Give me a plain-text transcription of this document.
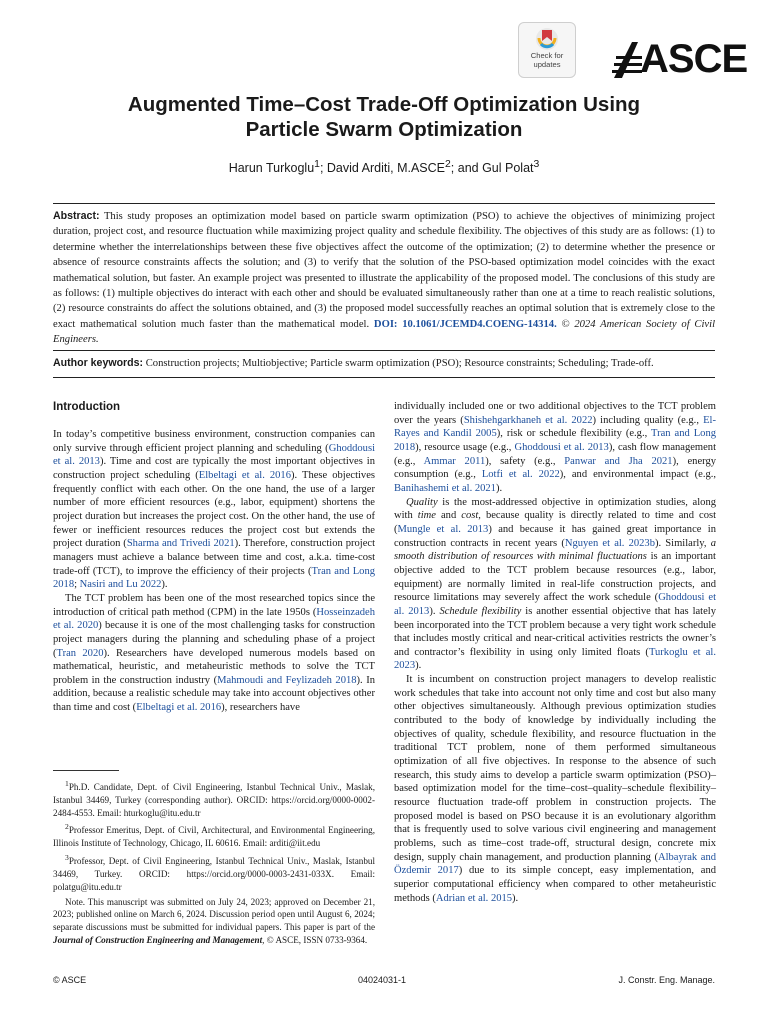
Check for
updates	ASCE
Augmented Time–Cost Trade-Off Optimization Using
Particle Swarm Optimization
Harun Turkoglu$^1$; David Arditi, M.ASCE$^2$; and Gul Polat$^3$

Abstract: This study proposes an optimization model based on particle swarm optimization (PSO) to achieve the objectives of minimizing project duration, project cost, and resource fluctuation while maximizing project quality and schedule flexibility. The objectives of this study are as follows: (1) to determine whether the interrelationships between these five objectives affect the outcome of the optimization; (2) to determine whether the presence or absence of resource constraints affects the solution; and (3) to verify that the solution of the PSO-based optimization model coincides with the exact mathematical solution, but faster. An example project was presented to illustrate the applicability of the proposed model. The conclusions of this study are as follows: (1) multiple objectives do interact with each other and should be evaluated simultaneously rather than one at a time to reach realistic solutions, (2) resource constraints do affect the solutions obtained, and (3) the proposed model successfully reaches an optimal solution that is extremely close to the exact mathematical solution much faster than the mathematical model. DOI: 10.1061/JCEMD4.COENG-14314. © 2024 American Society of Civil Engineers.

Author keywords: Construction projects; Multiobjective; Particle swarm optimization (PSO); Resource constraints; Scheduling; Trade-off.

Introduction

In today’s competitive business environment, construction companies can only survive through efficient project planning and scheduling (Ghoddousi et al. 2013). Time and cost are typically the most important objectives in construction project scheduling (Elbeltagi et al. 2016). These objectives frequently conflict with each other. On the one hand, the use of a larger number of more efficient resources (e.g., labor, equipment) shortens the project duration but increases the project cost. On the other hand, the use of fewer or inefficient resources reduces the project cost but extends the project duration (Sharma and Trivedi 2021). Therefore, construction project managers must achieve a balance between time and cost, a.k.a. time-cost trade-off (TCT), to improve the efficiency of their projects (Tran and Long 2018; Nasiri and Lu 2022).

The TCT problem has been one of the most researched topics since the introduction of critical path method (CPM) in the late 1950s (Hosseinzadeh et al. 2020) because it is one of the most challenging tasks for construction project managers during the planning and scheduling phase of a project (Tran 2020). Researchers have developed numerous models based on mathematical, heuristic, and metaheuristic methods to solve the TCT problem in the construction industry (Mahmoudi and Feylizadeh 2018). In addition, because a realistic schedule may take into account objectives other than time and cost (Elbeltagi et al. 2016), researchers have

individually included one or two additional objectives to the TCT problem over the years (Shishehgarkhaneh et al. 2022) including quality (e.g., El-Rayes and Kandil 2005), risk or schedule flexibility (e.g., Tran and Long 2018), resource usage (e.g., Ghoddousi et al. 2013), cash flow management (e.g., Ammar 2011), safety (e.g., Panwar and Jha 2021), energy consumption (e.g., Lotfi et al. 2022), and environmental impact (e.g., Banihashemi et al. 2021).

Quality is the most-addressed objective in optimization studies, along with time and cost, because quality is directly related to time and cost (Mungle et al. 2013) and because it has gained great importance in construction contracts in recent years (Nguyen et al. 2023b). Similarly, a smooth distribution of resources with minimal fluctuations is an important objective added to the TCT problem because resources (e.g., labor, equipment) are normally limited in real-life construction projects, and resource limitations may severely affect the work schedule (Ghoddousi et al. 2013). Schedule flexibility is another essential objective that has lately been incorporated into the TCT problem because a very tight work schedule that includes mostly critical and near-critical activities restricts the owner’s and contractor’s flexibility in using only limited floats (Turkoglu et al. 2023).

It is incumbent on construction project managers to develop realistic work schedules that take into account not only time and cost but also many other objectives simultaneously. Although previous optimization studies contributed to the body of knowledge by individually including the objectives of quality, schedule flexibility, and resource fluctuation in the traditional TCT problem, none of them performed simultaneous optimization of all five objectives. In response to the absence of such research, this study aims to develop a particle swarm optimization (PSO)–based optimization model for the time–cost–quality–schedule flexibility–resource fluctuation trade-off problem in construction projects. The proposed model is based on PSO because it is an evolutionary algorithm that is frequently used to solve various civil engineering and management problems, such as time–cost trade-off, structural design, concrete mix design, supply chain management, and production planning (Albayrak and Özdemir 2017) due to its simple concept, easy implementation, and superior computational efficiency when compared to other metaheuristic methods (Adrian et al. 2015).

$^1$Ph.D. Candidate, Dept. of Civil Engineering, Istanbul Technical Univ., Maslak, Istanbul 34469, Turkey (corresponding author). ORCID: https://orcid.org/0000-0002-2484-4553. Email: hturkoglu@itu.edu.tr

$^2$Professor Emeritus, Dept. of Civil, Architectural, and Environmental Engineering, Illinois Institute of Technology, Chicago, IL 60616. Email: arditi@iit.edu

$^3$Professor, Dept. of Civil Engineering, Istanbul Technical Univ., Maslak, Istanbul 34469, Turkey. ORCID: https://orcid.org/0000-0003-2431-033X. Email: polatgu@itu.edu.tr

Note. This manuscript was submitted on July 24, 2023; approved on December 21, 2023; published online on March 6, 2024. Discussion period open until August 6, 2024; separate discussions must be submitted for individual papers. This paper is part of the Journal of Construction Engineering and Management, © ASCE, ISSN 0733-9364.

© ASCE	04024031-1	J. Constr. Eng. Manage.
